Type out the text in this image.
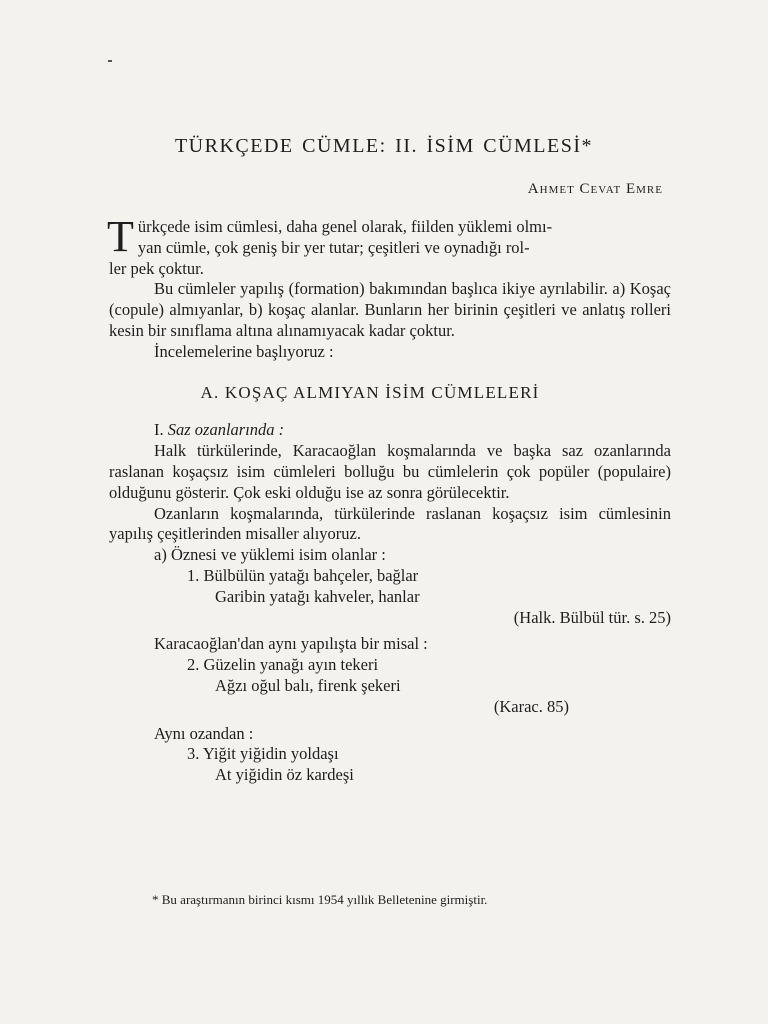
TÜRKÇEDE CÜMLE: II. İSİM CÜMLESİ*
Ahmet Cevat Emre

T ürkçede isim cümlesi, daha genel olarak, fiilden yüklemi olmı-
yan cümle, çok geniş bir yer tutar; çeşitleri ve oynadığı rol-
ler pek çoktur.

Bu cümleler yapılış (formation) bakımından başlıca ikiye ayrılabilir. a) Koşaç (copule) almıyanlar, b) koşaç alanlar. Bunların her birinin çeşitleri ve anlatış rolleri kesin bir sınıflama altına alınamıyacak kadar çoktur.

İncelemelerine başlıyoruz :

A. KOŞAÇ ALMIYAN İSİM CÜMLELERİ

I. Saz ozanlarında :

Halk türkülerinde, Karacaoğlan koşmalarında ve başka saz ozanlarında raslanan koşaçsız isim cümleleri bolluğu bu cümlelerin çok popüler (populaire) olduğunu gösterir. Çok eski olduğu ise az sonra görülecektir.

Ozanların koşmalarında, türkülerinde raslanan koşaçsız isim cümlesinin yapılış çeşitlerinden misaller alıyoruz.

a) Öznesi ve yüklemi isim olanlar :

1. Bülbülün yatağı bahçeler, bağlar
Garibin yatağı kahveler, hanlar
(Halk. Bülbül tür. s. 25)

Karacaoğlan'dan aynı yapılışta bir misal :

2. Güzelin yanağı ayın tekeri
Ağzı oğul balı, firenk şekeri
(Karac. 85)

Aynı ozandan :

3. Yiğit yiğidin yoldaşı
At yiğidin öz kardeşi
* Bu araştırmanın birinci kısmı 1954 yıllık Belletenine girmiştir.
